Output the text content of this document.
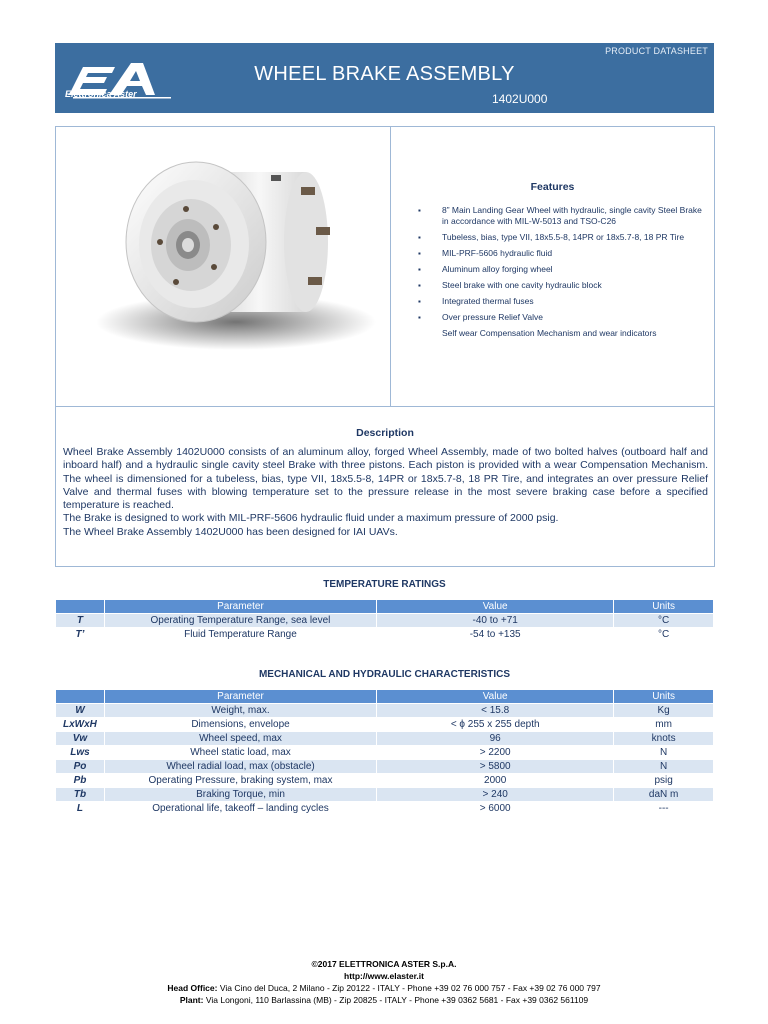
Elettronica Aster
PRODUCT DATASHEET
WHEEL BRAKE ASSEMBLY
1402U000
Features
▪ 8” Main Landing Gear Wheel with hydraulic, single cavity Steel Brake in accordance with MIL-W-5013 and TSO-C26
▪ Tubeless, bias, type VII, 18x5.5-8, 14PR or 18x5.7-8, 18 PR Tire
▪ MIL-PRF-5606 hydraulic fluid
▪ Aluminum alloy forging wheel
▪ Steel brake with one cavity hydraulic block
▪ Integrated thermal fuses
▪ Over pressure Relief Valve
Self wear Compensation Mechanism and wear indicators
Description

Wheel Brake Assembly 1402U000 consists of an aluminum alloy, forged Wheel Assembly, made of two bolted halves (outboard half and inboard half) and a hydraulic single cavity steel Brake with three pistons. Each piston is provided with a wear Compensation Mechanism. The wheel is dimensioned for a tubeless, bias, type VII, 18x5.5-8, 14PR or 18x5.7-8, 18 PR Tire, and integrates an over pressure Relief Valve and thermal fuses with blowing temperature set to the pressure release in the most severe braking case before a specified temperature is reached.

The Brake is designed to work with MIL-PRF-5606 hydraulic fluid under a maximum pressure of 2000 psig.

The Wheel Brake Assembly 1402U000 has been designed for IAI UAVs.

TEMPERATURE RATINGS
	Parameter	Value	Units
T	Operating Temperature Range, sea level	-40 to +71	°C
T’	Fluid Temperature Range	-54 to +135	°C
MECHANICAL AND HYDRAULIC CHARACTERISTICS
	Parameter	Value	Units
W	Weight, max.	< 15.8	Kg
LxWxH	Dimensions, envelope	< ϕ 255 x 255 depth	mm
Vw	Wheel speed, max	96	knots
Lws	Wheel static load, max	> 2200	N
Po	Wheel radial load, max (obstacle)	> 5800	N
Pb	Operating Pressure, braking system, max	2000	psig
Tb	Braking Torque, min	> 240	daN m
L	Operational life, takeoff – landing cycles	> 6000	---
©2017 ELETTRONICA ASTER S.p.A.
http://www.elaster.it
Head Office: Via Cino del Duca, 2 Milano - Zip 20122 - ITALY - Phone +39 02 76 000 757 - Fax +39 02 76 000 797
Plant: Via Longoni, 110 Barlassina (MB) - Zip 20825 - ITALY - Phone +39 0362 5681 - Fax +39 0362 561109
